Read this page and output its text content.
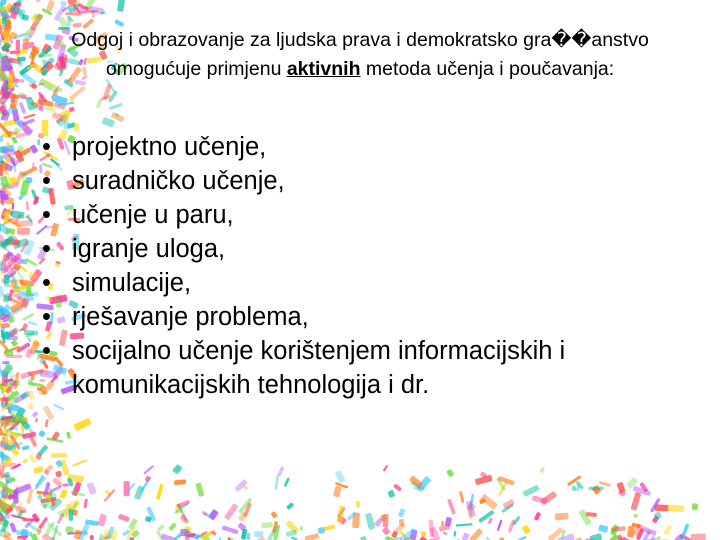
Odgoj i obrazovanje za ljudska prava i demokratsko gra��anstvo omogućuje primjenu aktivnih metoda učenja i poučavanja:
• projektno učenje,
• suradničko učenje,
• učenje u paru,
• igranje uloga,
• simulacije,
• rješavanje problema,
• socijalno učenje korištenjem informacijskih i komunikacijskih tehnologija i dr.
